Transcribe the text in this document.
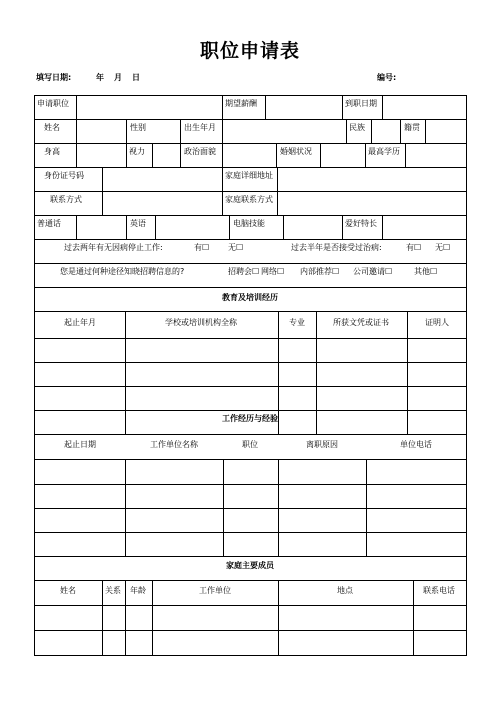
职位申请表
填写日期:	年 月 日	编号:
申请职位	期望薪酬	到职日期
姓名	性别	出生年月	民族	籍贯
身高	视力	政治面貌	婚姻状况	最高学历
身份证号码	家庭详细地址
联系方式	家庭联系方式
普通话	英语	电脑技能	爱好特长
过去两年有无因病停止工作:	有☐ 无☐	过去半年是否接受过治病:	有☐ 无☐
您是通过何种途径知晓招聘信息的?	招聘会☐ 网络☐ 内部推荐☐ 公司邀请☐	其他☐
教育及培训经历
起止年月	学校或培训机构全称	专业	所获文凭或证书	证明人
工作经历与经验
起止日期	工作单位名称	职位	离职原因	单位电话
家庭主要成员
姓名	关系 年龄	工作单位	地点	联系电话
